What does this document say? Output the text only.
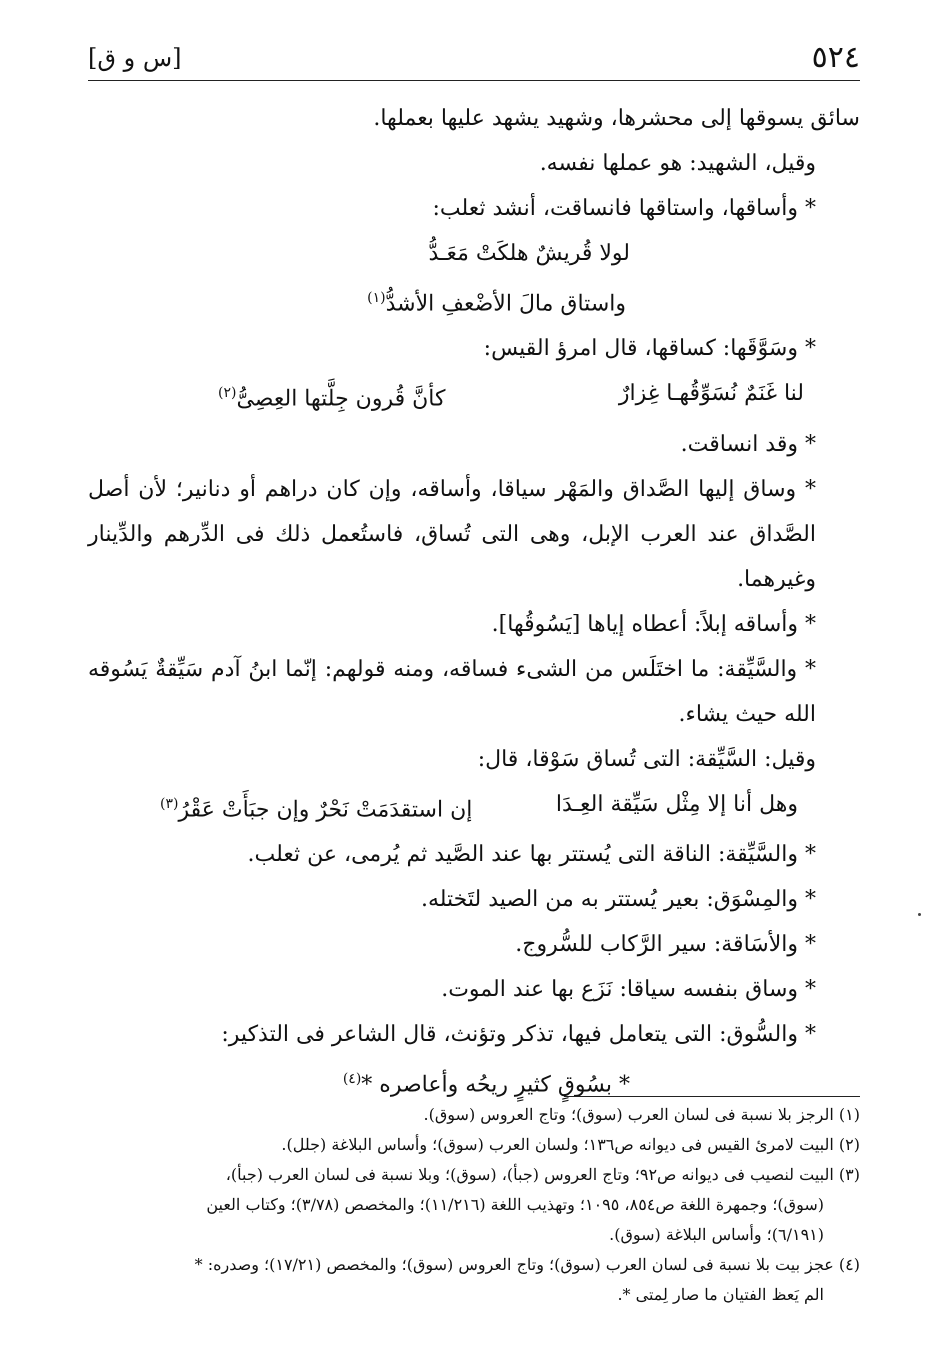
٥٢٤
[س و ق]

سائق يسوقها إلى محشرها، وشهيد يشهد عليها بعملها.

وقيل، الشهيد: هو عملها نفسه.

* وأساقها، واستاقها فانساقت، أنشد ثعلب:

لولا قُريشٌ هلكَتْ مَعَـدُّ
واستاق مالَ الأضْعفِ الأشدُّ$^{(١)}$

* وسَوَّقَها: كساقها، قال امرؤ القيس:

لنا غَنَمٌ نُسَوِّقُهـا غِزارٌ
كأنَّ قُرون جِلَّتها العِصِىُّ$^{(٢)}$

* وقد انساقت.

* وساق إليها الصَّداق والمَهْر سياقا، وأساقه، وإن كان دراهم أو دنانير؛ لأن أصل الصَّداق عند العرب الإبل، وهى التى تُساق، فاستُعمل ذلك فى الدِّرهم والدِّينار وغيرهما.

* وأساقه إبلاً: أعطاه إياها [يَسُوقُها].

* والسَّيِّقة: ما اختَلَس من الشىء فساقه، ومنه قولهم: إنّما ابنُ آدم سَيِّقةٌ يَسُوقه الله حيث يشاء.

وقيل: السَّيِّقة: التى تُساق سَوْقا، قال:

وهل أنا إلا مِثْل سَيِّقة العِـدَا
إن استقدَمَتْ نَحْرٌ وإن جبَأَتْ عَقْرُ$^{(٣)}$

* والسَّيِّقة: الناقة التى يُستتر بها عند الصَّيد ثم يُرمى، عن ثعلب.

* والمِسْوَق: بعير يُستتر به من الصيد لتَختله.

* والأسَاقة: سير الرَّكاب للسُّروج.

* وساق بنفسه سياقا: نَزَع بها عند الموت.

* والسُّوق: التى يتعامل فيها، تذكر وتؤنث، قال الشاعر فى التذكير:

* بسُوقٍ كثيرٍ ريحُه وأعاصره *$^{(٤)}$

(١) الرجز بلا نسبة فى لسان العرب (سوق)؛ وتاج العروس (سوق).

(٢) البيت لامرئ القيس فى ديوانه ص١٣٦؛ ولسان العرب (سوق)؛ وأساس البلاغة (جلل).

(٣) البيت لنصيب فى ديوانه ص٩٢؛ وتاج العروس (جبأ)، (سوق)؛ وبلا نسبة فى لسان العرب (جبأ)،

(سوق)؛ وجمهرة اللغة ص٨٥٤، ١٠٩٥؛ وتهذيب اللغة (١١/٢١٦)؛ والمخصص (٣/٧٨)؛ وكتاب العين

(٦/١٩١)؛ وأساس البلاغة (سوق).

(٤) عجز بيت بلا نسبة فى لسان العرب (سوق)؛ وتاج العروس (سوق)؛ والمخصص (١٧/٢١)؛ وصدره: *

الم يَعظ الفتيان ما صار لِمتى *.
